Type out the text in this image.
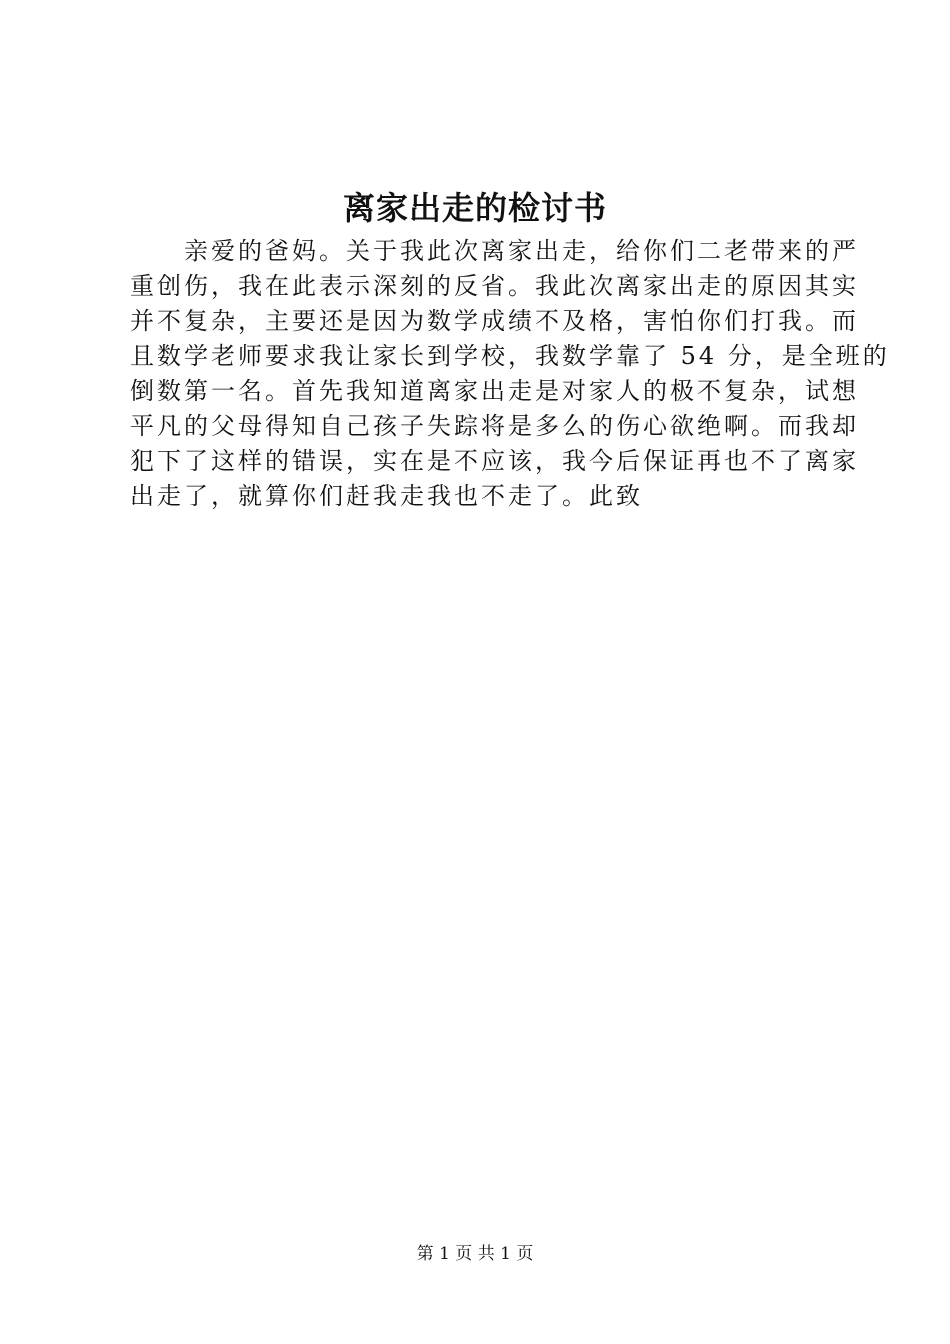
离家出走的检讨书
　　亲爱的爸妈。关于我此次离家出走，给你们二老带来的严
重创伤，我在此表示深刻的反省。我此次离家出走的原因其实
并不复杂，主要还是因为数学成绩不及格，害怕你们打我。而
且数学老师要求我让家长到学校，我数学靠了 54 分，是全班的
倒数第一名。首先我知道离家出走是对家人的极不复杂，试想
平凡的父母得知自己孩子失踪将是多么的伤心欲绝啊。而我却
犯下了这样的错误，实在是不应该，我今后保证再也不了离家
出走了，就算你们赶我走我也不走了。此致
第 1 页 共 1 页
